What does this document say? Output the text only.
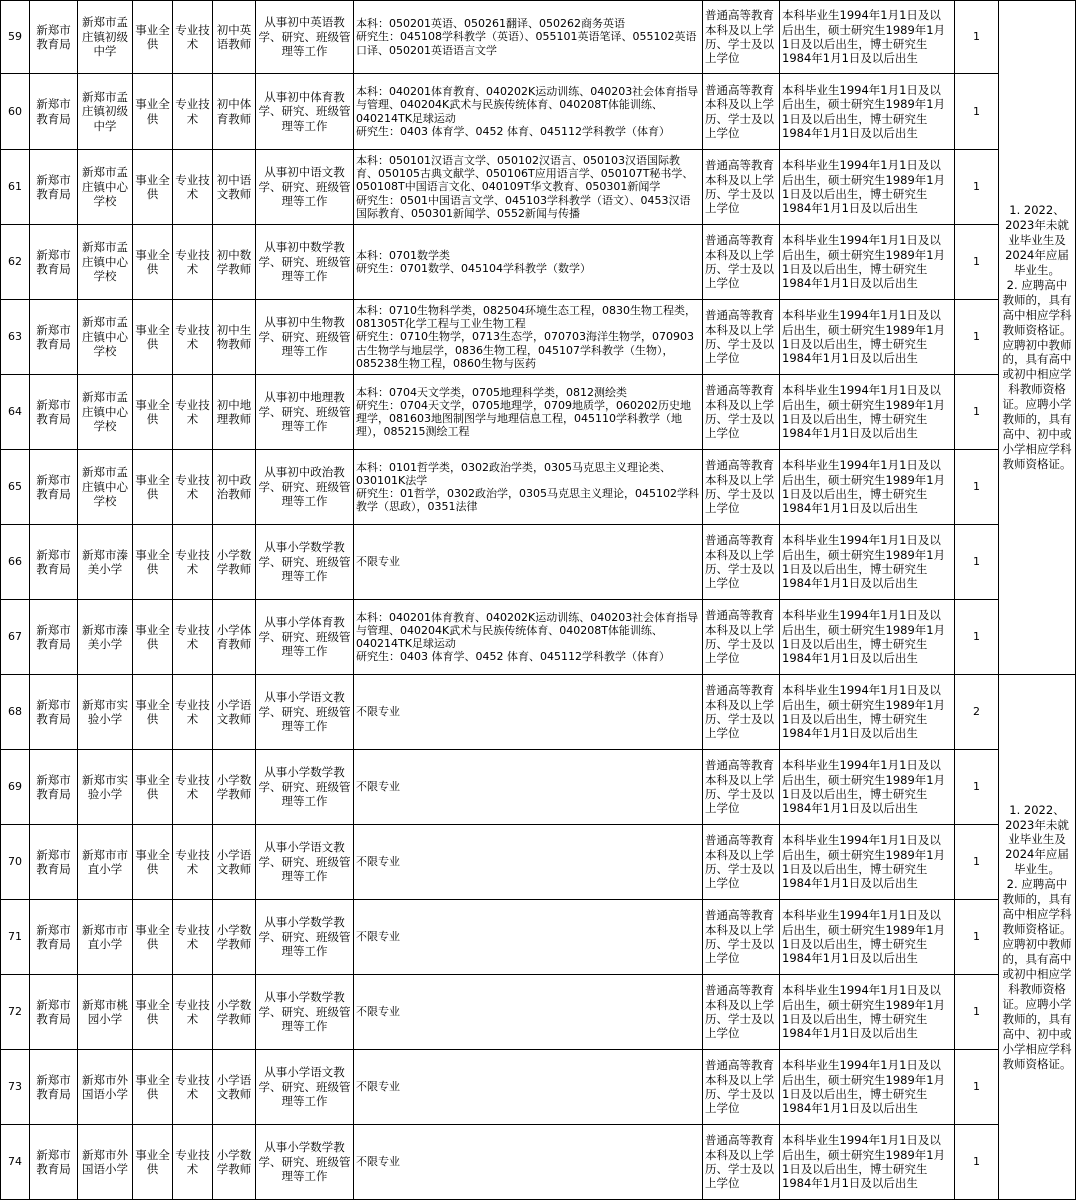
59	新郑市教育局	新郑市孟庄镇初级中学	事业全供	专业技术	初中英语教师	从事初中英语教学、研究、班级管理等工作	本科：050201英语、050261翻译、050262商务英语
研究生：045108学科教学（英语）、055101英语笔译、055102英语口译、050201英语语言文学	普通高等教育本科及以上学历、学士及以上学位	本科毕业生1994年1月1日及以后出生，硕士研究生1989年1月1日及以后出生，博士研究生1984年1月1日及以后出生	1	1. 2022、2023年未就业毕业生及2024年应届毕业生。
2. 应聘高中教师的，具有高中相应学科教师资格证。应聘初中教师的，具有高中或初中相应学科教师资格证。应聘小学教师的，具有高中、初中或小学相应学科教师资格证。

60	新郑市教育局	新郑市孟庄镇初级中学	事业全供	专业技术	初中体育教师	从事初中体育教学、研究、班级管理等工作	本科：040201体育教育、040202K运动训练、040203社会体育指导与管理、040204K武术与民族传统体育、040208T体能训练、040214TK足球运动
研究生：0403 体育学、0452 体育、045112学科教学（体育）	普通高等教育本科及以上学历、学士及以上学位	本科毕业生1994年1月1日及以后出生，硕士研究生1989年1月1日及以后出生，博士研究生1984年1月1日及以后出生	1	
61	新郑市教育局	新郑市孟庄镇中心学校	事业全供	专业技术	初中语文教师	从事初中语文教学、研究、班级管理等工作	本科：050101汉语言文学、050102汉语言、050103汉语国际教育、050105古典文献学、050106T应用语言学、050107T秘书学、050108T中国语言文化、040109T华文教育、050301新闻学
研究生：0501中国语言文学、045103学科教学（语文）、0453汉语国际教育、050301新闻学、0552新闻与传播	普通高等教育本科及以上学历、学士及以上学位	本科毕业生1994年1月1日及以后出生，硕士研究生1989年1月1日及以后出生，博士研究生1984年1月1日及以后出生	1	
62	新郑市教育局	新郑市孟庄镇中心学校	事业全供	专业技术	初中数学教师	从事初中数学教学、研究、班级管理等工作	本科：0701数学类
研究生：0701数学、045104学科教学（数学）	普通高等教育本科及以上学历、学士及以上学位	本科毕业生1994年1月1日及以后出生，硕士研究生1989年1月1日及以后出生，博士研究生1984年1月1日及以后出生	1	
63	新郑市教育局	新郑市孟庄镇中心学校	事业全供	专业技术	初中生物教师	从事初中生物教学、研究、班级管理等工作	本科：0710生物科学类，082504环境生态工程，0830生物工程类，081305T化学工程与工业生物工程
研究生：0710生物学，0713生态学，070703海洋生物学，070903古生物学与地层学，0836生物工程，045107学科教学（生物），085238生物工程，0860生物与医药	普通高等教育本科及以上学历、学士及以上学位	本科毕业生1994年1月1日及以后出生，硕士研究生1989年1月1日及以后出生，博士研究生1984年1月1日及以后出生	1	
64	新郑市教育局	新郑市孟庄镇中心学校	事业全供	专业技术	初中地理教师	从事初中地理教学、研究、班级管理等工作	本科：0704天文学类，0705地理科学类，0812测绘类
研究生：0704天文学，0705地理学，0709地质学，060202历史地理学，081603地图制图学与地理信息工程，045110学科教学（地理），085215测绘工程	普通高等教育本科及以上学历、学士及以上学位	本科毕业生1994年1月1日及以后出生，硕士研究生1989年1月1日及以后出生，博士研究生1984年1月1日及以后出生	1	
65	新郑市教育局	新郑市孟庄镇中心学校	事业全供	专业技术	初中政治教师	从事初中政治教学、研究、班级管理等工作	本科：0101哲学类，0302政治学类，0305马克思主义理论类、030101K法学
研究生：01哲学，0302政治学，0305马克思主义理论，045102学科教学（思政），0351法律	普通高等教育本科及以上学历、学士及以上学位	本科毕业生1994年1月1日及以后出生，硕士研究生1989年1月1日及以后出生，博士研究生1984年1月1日及以后出生	1	
66	新郑市教育局	新郑市溱美小学	事业全供	专业技术	小学数学教师	从事小学数学教学、研究、班级管理等工作	不限专业	普通高等教育本科及以上学历、学士及以上学位	本科毕业生1994年1月1日及以后出生，硕士研究生1989年1月1日及以后出生，博士研究生1984年1月1日及以后出生	1	
67	新郑市教育局	新郑市溱美小学	事业全供	专业技术	小学体育教师	从事小学体育教学、研究、班级管理等工作	本科：040201体育教育、040202K运动训练、040203社会体育指导与管理、040204K武术与民族传统体育、040208T体能训练、040214TK足球运动
研究生：0403 体育学、0452 体育、045112学科教学（体育）	普通高等教育本科及以上学历、学士及以上学位	本科毕业生1994年1月1日及以后出生，硕士研究生1989年1月1日及以后出生，博士研究生1984年1月1日及以后出生	1	
68	新郑市教育局	新郑市实验小学	事业全供	专业技术	小学语文教师	从事小学语文教学、研究、班级管理等工作	不限专业	普通高等教育本科及以上学历、学士及以上学位	本科毕业生1994年1月1日及以后出生，硕士研究生1989年1月1日及以后出生，博士研究生1984年1月1日及以后出生	2	1. 2022、2023年未就业毕业生及2024年应届毕业生。
2. 应聘高中教师的，具有高中相应学科教师资格证。应聘初中教师的，具有高中或初中相应学科教师资格证。应聘小学教师的，具有高中、初中或小学相应学科教师资格证。

69	新郑市教育局	新郑市实验小学	事业全供	专业技术	小学数学教师	从事小学数学教学、研究、班级管理等工作	不限专业	普通高等教育本科及以上学历、学士及以上学位	本科毕业生1994年1月1日及以后出生，硕士研究生1989年1月1日及以后出生，博士研究生1984年1月1日及以后出生	1	
70	新郑市教育局	新郑市市直小学	事业全供	专业技术	小学语文教师	从事小学语文教学、研究、班级管理等工作	不限专业	普通高等教育本科及以上学历、学士及以上学位	本科毕业生1994年1月1日及以后出生，硕士研究生1989年1月1日及以后出生，博士研究生1984年1月1日及以后出生	1	
71	新郑市教育局	新郑市市直小学	事业全供	专业技术	小学数学教师	从事小学数学教学、研究、班级管理等工作	不限专业	普通高等教育本科及以上学历、学士及以上学位	本科毕业生1994年1月1日及以后出生，硕士研究生1989年1月1日及以后出生，博士研究生1984年1月1日及以后出生	1	
72	新郑市教育局	新郑市桃园小学	事业全供	专业技术	小学数学教师	从事小学数学教学、研究、班级管理等工作	不限专业	普通高等教育本科及以上学历、学士及以上学位	本科毕业生1994年1月1日及以后出生，硕士研究生1989年1月1日及以后出生，博士研究生1984年1月1日及以后出生	1	
73	新郑市教育局	新郑市外国语小学	事业全供	专业技术	小学语文教师	从事小学语文教学、研究、班级管理等工作	不限专业	普通高等教育本科及以上学历、学士及以上学位	本科毕业生1994年1月1日及以后出生，硕士研究生1989年1月1日及以后出生，博士研究生1984年1月1日及以后出生	1	
74	新郑市教育局	新郑市外国语小学	事业全供	专业技术	小学数学教师	从事小学数学教学、研究、班级管理等工作	不限专业	普通高等教育本科及以上学历、学士及以上学位	本科毕业生1994年1月1日及以后出生，硕士研究生1989年1月1日及以后出生，博士研究生1984年1月1日及以后出生	1	
